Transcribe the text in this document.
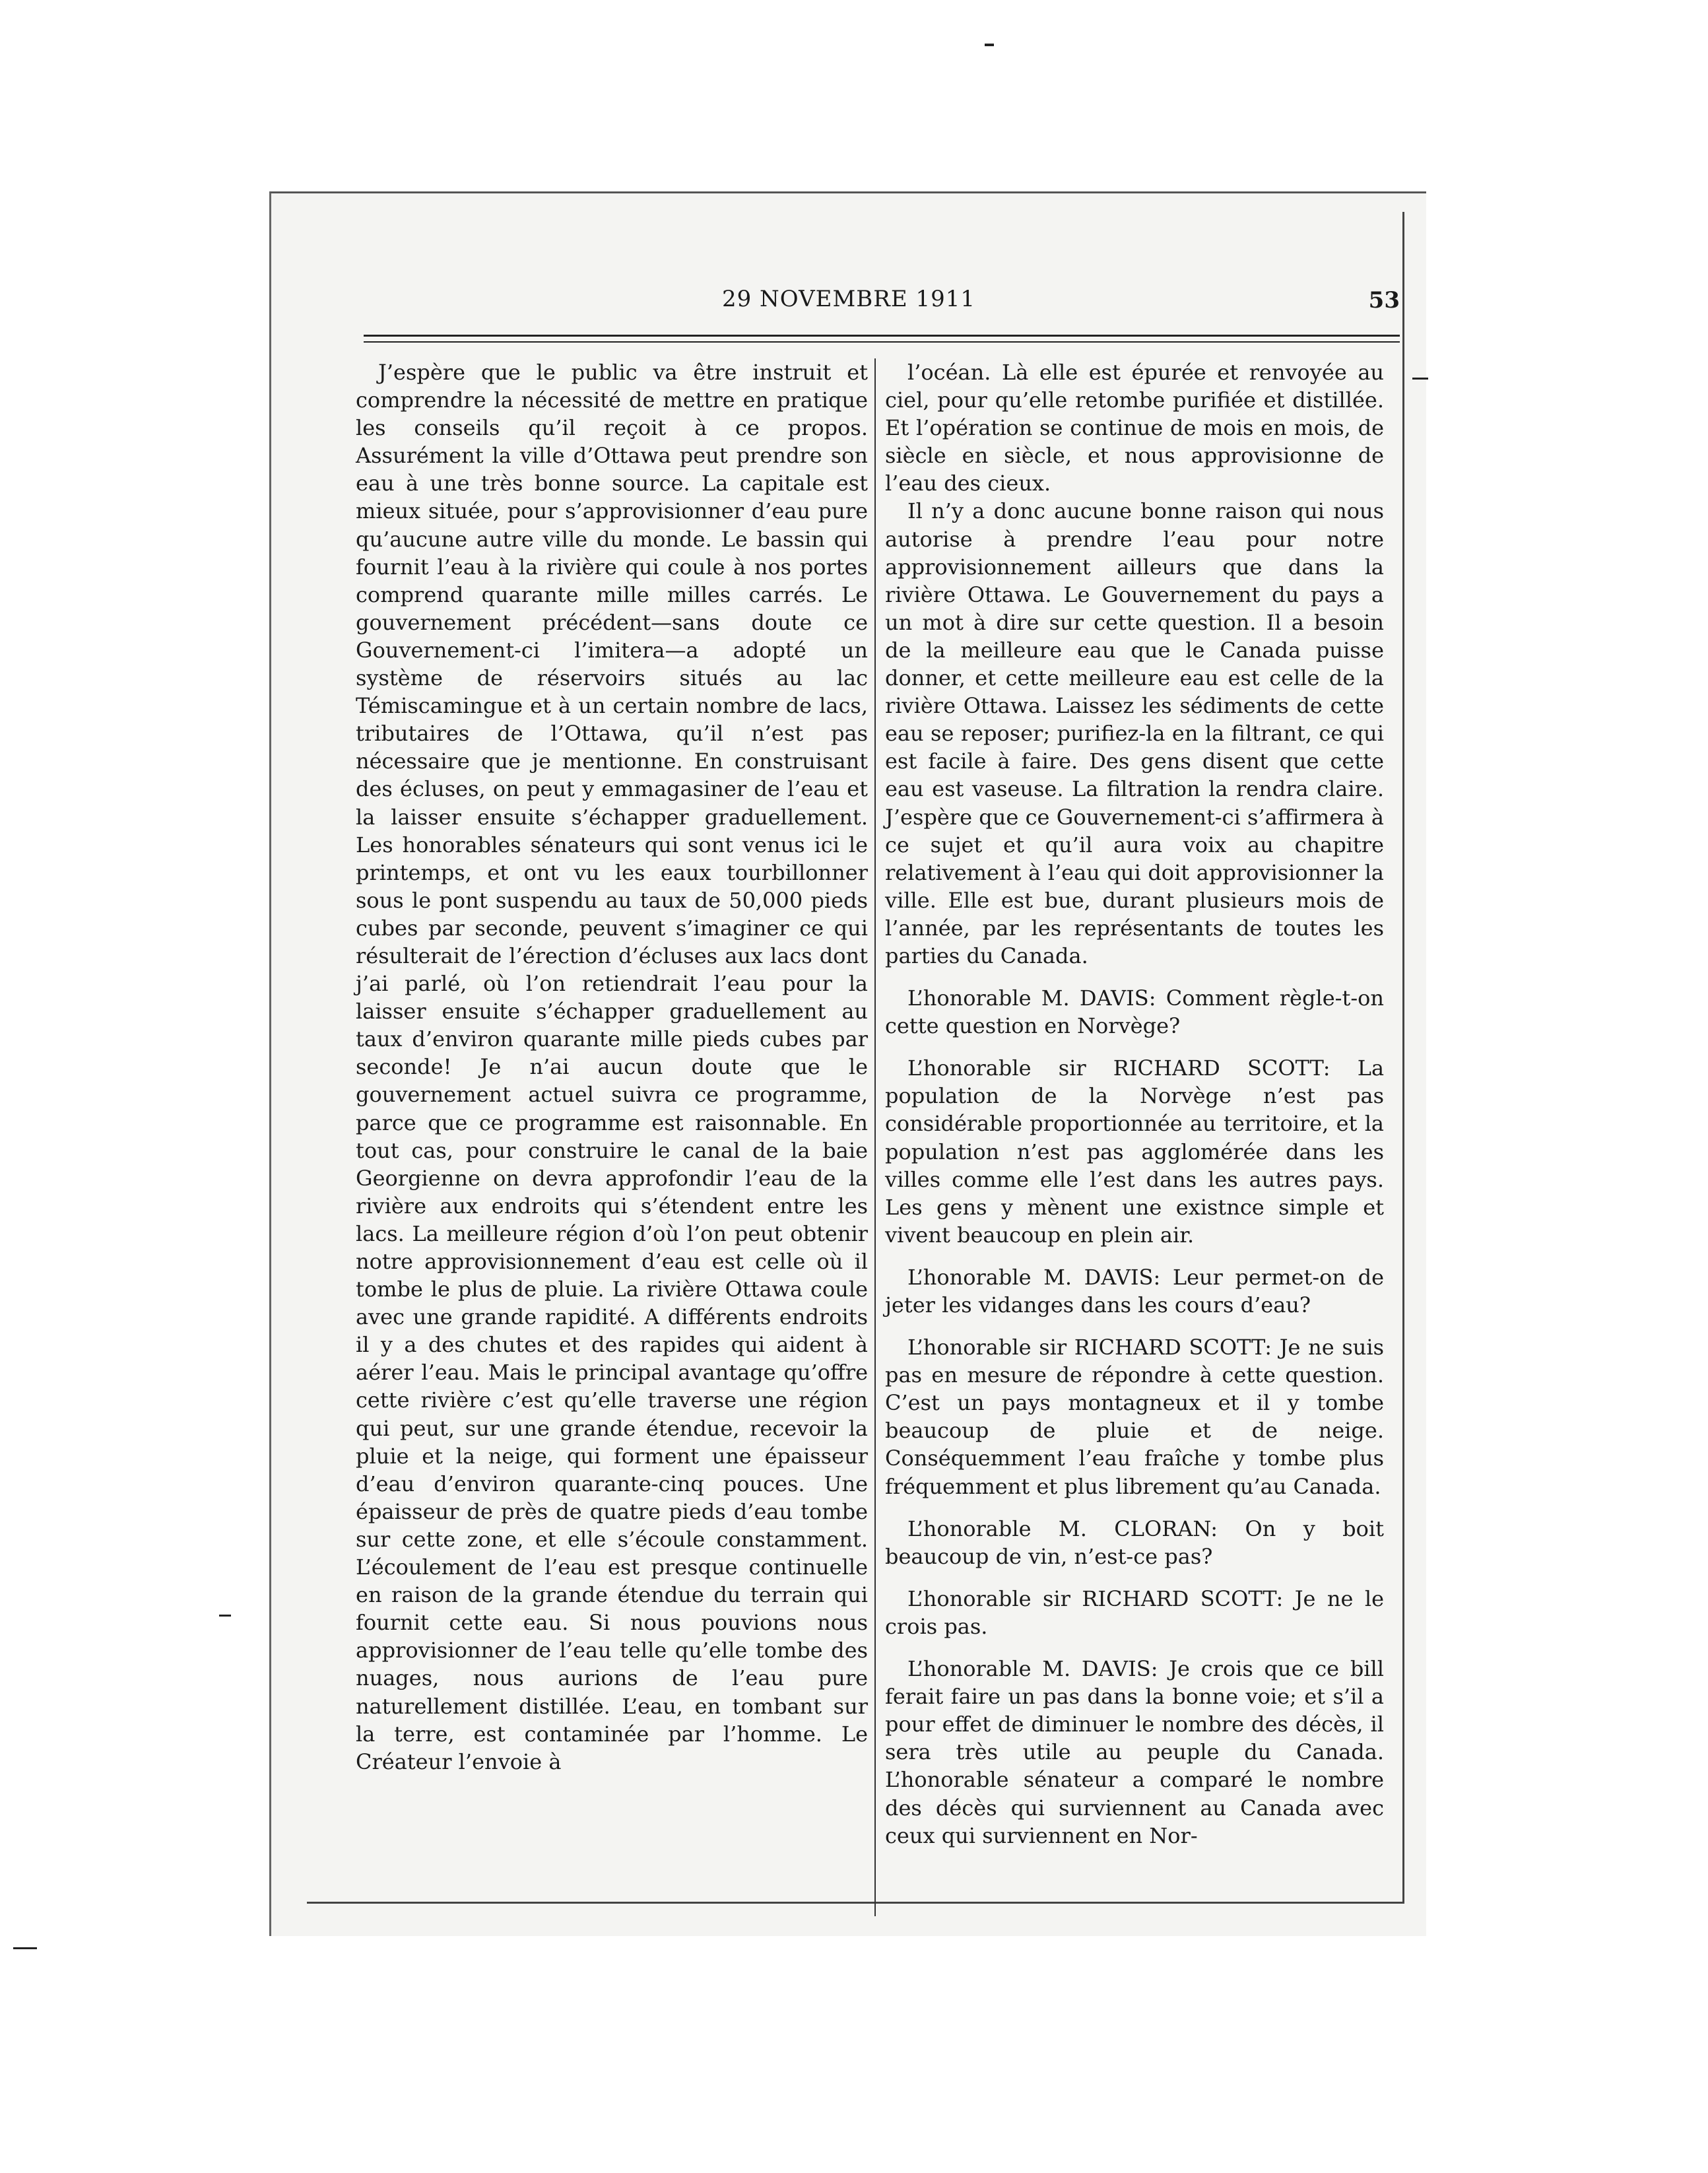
29 NOVEMBRE 1911	53

J’espère que le public va être instruit et comprendre la nécessité de mettre en pratique les conseils qu’il reçoit à ce propos. Assurément la ville d’Ottawa peut prendre son eau à une très bonne source. La capitale est mieux située, pour s’approvisionner d’eau pure qu’aucune autre ville du monde. Le bassin qui fournit l’eau à la rivière qui coule à nos portes comprend quarante mille milles carrés. Le gouvernement précédent—sans doute ce Gouvernement-ci l’imitera—a adopté un système de réservoirs situés au lac Témiscamingue et à un certain nombre de lacs, tributaires de l’Ottawa, qu’il n’est pas nécessaire que je mentionne. En construisant des écluses, on peut y emmagasiner de l’eau et la laisser ensuite s’échapper graduellement. Les honorables sénateurs qui sont venus ici le printemps, et ont vu les eaux tourbillonner sous le pont suspendu au taux de 50,000 pieds cubes par seconde, peuvent s’imaginer ce qui résulterait de l’érection d’écluses aux lacs dont j’ai parlé, où l’on retiendrait l’eau pour la laisser ensuite s’échapper graduellement au taux d’environ quarante mille pieds cubes par seconde! Je n’ai aucun doute que le gouvernement actuel suivra ce programme, parce que ce programme est raisonnable. En tout cas, pour construire le canal de la baie Georgienne on devra approfondir l’eau de la rivière aux endroits qui s’étendent entre les lacs. La meilleure région d’où l’on peut obtenir notre approvisionnement d’eau est celle où il tombe le plus de pluie. La rivière Ottawa coule avec une grande rapidité. A différents endroits il y a des chutes et des rapides qui aident à aérer l’eau. Mais le principal avantage qu’offre cette rivière c’est qu’elle traverse une région qui peut, sur une grande étendue, recevoir la pluie et la neige, qui forment une épaisseur d’eau d’environ quarante-cinq pouces. Une épaisseur de près de quatre pieds d’eau tombe sur cette zone, et elle s’écoule constamment. L’écoulement de l’eau est presque continuelle en raison de la grande étendue du terrain qui fournit cette eau. Si nous pouvions nous approvisionner de l’eau telle qu’elle tombe des nuages, nous aurions de l’eau pure naturellement distillée. L’eau, en tombant sur la terre, est contaminée par l’homme. Le Créateur l’envoie à

l’océan. Là elle est épurée et renvoyée au ciel, pour qu’elle retombe purifiée et distillée. Et l’opération se continue de mois en mois, de siècle en siècle, et nous approvisionne de l’eau des cieux.

Il n’y a donc aucune bonne raison qui nous autorise à prendre l’eau pour notre approvisionnement ailleurs que dans la rivière Ottawa. Le Gouvernement du pays a un mot à dire sur cette question. Il a besoin de la meilleure eau que le Canada puisse donner, et cette meilleure eau est celle de la rivière Ottawa. Laissez les sédiments de cette eau se reposer; purifiez-la en la filtrant, ce qui est facile à faire. Des gens disent que cette eau est vaseuse. La filtration la rendra claire. J’espère que ce Gouvernement-ci s’affirmera à ce sujet et qu’il aura voix au chapitre relativement à l’eau qui doit approvisionner la ville. Elle est bue, durant plusieurs mois de l’année, par les représentants de toutes les parties du Canada.

L’honorable M. DAVIS: Comment règle-t-on cette question en Norvège?

L’honorable sir RICHARD SCOTT: La population de la Norvège n’est pas considérable proportionnée au territoire, et la population n’est pas agglomérée dans les villes comme elle l’est dans les autres pays. Les gens y mènent une existnce simple et vivent beaucoup en plein air.

L’honorable M. DAVIS: Leur permet-on de jeter les vidanges dans les cours d’eau?

L’honorable sir RICHARD SCOTT: Je ne suis pas en mesure de répondre à cette question. C’est un pays montagneux et il y tombe beaucoup de pluie et de neige. Conséquemment l’eau fraîche y tombe plus fréquemment et plus librement qu’au Canada.

L’honorable M. CLORAN: On y boit beaucoup de vin, n’est-ce pas?

L’honorable sir RICHARD SCOTT: Je ne le crois pas.

L’honorable M. DAVIS: Je crois que ce bill ferait faire un pas dans la bonne voie; et s’il a pour effet de diminuer le nombre des décès, il sera très utile au peuple du Canada. L’honorable sénateur a comparé le nombre des décès qui surviennent au Canada avec ceux qui surviennent en Nor-
